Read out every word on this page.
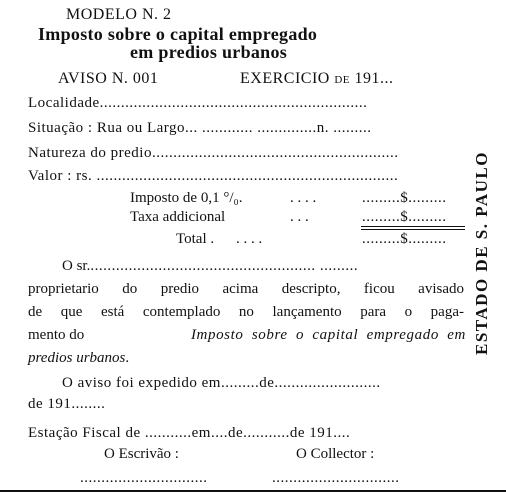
MODELO N. 2
Imposto sobre o capital empregado
em predios urbanos
AVISO N. 001	EXERCICIO de 191...
Localidade...............................................................
Situação : Rua ou Largo... ............ ..............n. .........
Natureza do predio..........................................................
Valor : rs. .......................................................................
Imposto de 0,1 °/₀.	. . . .	.........$.........
Taxa addicional	. . .	.........$.........
Total . . . . .	.........$.........
O sr...................................................... .........
proprietario do predio acima descripto, ficou avisado
de que está contemplado no lançamento para o paga-
mento do	Imposto sobre o capital empregado em
predios urbanos.
O aviso foi expedido em.........de.........................
de 191........
Estação Fiscal de ...........em....de...........de 191....
O Escrivão :	O Collector :
..............................	..............................
ESTADO DE S. PAULO
